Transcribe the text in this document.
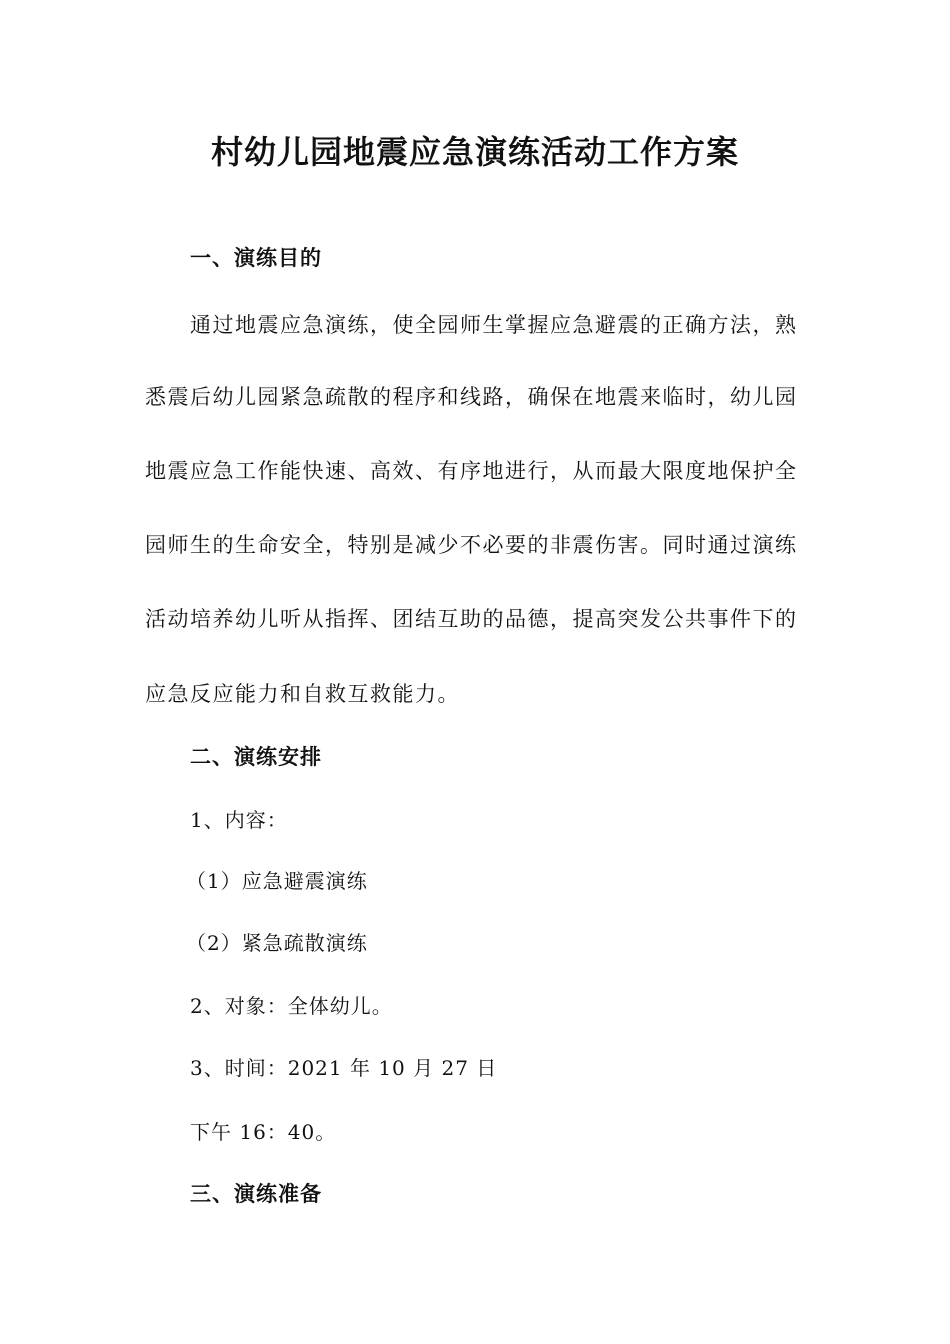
村幼儿园地震应急演练活动工作方案
一、演练目的
通过地震应急演练，使全园师生掌握应急避震的正确方法，熟
悉震后幼儿园紧急疏散的程序和线路，确保在地震来临时，幼儿园
地震应急工作能快速、高效、有序地进行，从而最大限度地保护全
园师生的生命安全，特别是减少不必要的非震伤害。同时通过演练
活动培养幼儿听从指挥、团结互助的品德，提高突发公共事件下的
应急反应能力和自救互救能力。
二、演练安排
1、内容：
（1）应急避震演练
（2）紧急疏散演练
2、对象：全体幼儿。
3、时间：2021 年 10 月 27 日
下午 16：40。
三、演练准备
